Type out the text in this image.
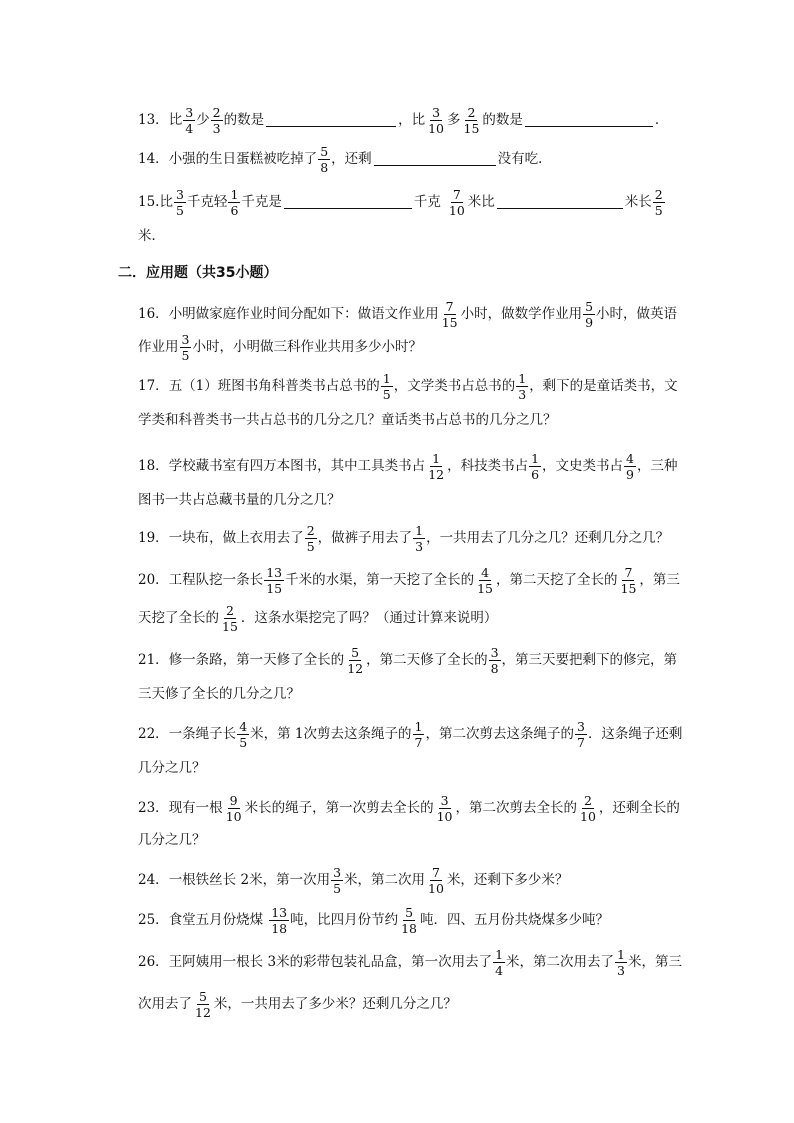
13．比 $\frac{3}{4}$ 少 $\frac{2}{3}$ 的数是	，比 $\frac{3}{10}$ 多 $\frac{2}{15}$ 的数是	．
14．小强的生日蛋糕被吃掉了 $\frac{5}{8}$ ，还剩	没有吃．
15.比 $\frac{3}{5}$ 千克轻 $\frac{1}{6}$ 千克是	千克 $\frac{7}{10}$ 米比	米长 $\frac{2}{5}$
米．
二．应用题（共35小题）
16．小明做家庭作业时间分配如下：做语文作业用 $\frac{7}{15}$ 小时，做数学作业用 $\frac{5}{9}$ 小时，做英语
作业用 $\frac{3}{5}$ 小时，小明做三科作业共用多少小时？
17．五（1）班图书角科普类书占总书的 $\frac{1}{5}$ ，文学类书占总书的 $\frac{1}{3}$ ，剩下的是童话类书，文
学类和科普类书一共占总书的几分之几？童话类书占总书的几分之几？
18．学校藏书室有四万本图书，其中工具类书占 $\frac{1}{12}$ ，科技类书占 $\frac{1}{6}$ ，文史类书占 $\frac{4}{9}$ ，三种
图书一共占总藏书量的几分之几？
19．一块布，做上衣用去了 $\frac{2}{5}$ ，做裤子用去了 $\frac{1}{3}$ ，一共用去了几分之几？还剩几分之几？
20．工程队挖一条长 $\frac{13}{15}$ 千米的水渠，第一天挖了全长的 $\frac{4}{15}$ ，第二天挖了全长的 $\frac{7}{15}$ ，第三
天挖了全长的 $\frac{2}{15}$ ．这条水渠挖完了吗？（通过计算来说明）
21．修一条路，第一天修了全长的 $\frac{5}{12}$ ，第二天修了全长的 $\frac{3}{8}$ ，第三天要把剩下的修完，第
三天修了全长的几分之几？
22．一条绳子长 $\frac{4}{5}$ 米，第 1次剪去这条绳子的 $\frac{1}{7}$ ，第二次剪去这条绳子的 $\frac{3}{7}$ ．这条绳子还剩
几分之几？
23．现有一根 $\frac{9}{10}$ 米长的绳子，第一次剪去全长的 $\frac{3}{10}$ ，第二次剪去全长的 $\frac{2}{10}$ ，还剩全长的
几分之几？
24．一根铁丝长 2米，第一次用 $\frac{3}{5}$ 米，第二次用 $\frac{7}{10}$ 米，还剩下多少米？
25．食堂五月份烧煤 $\frac{13}{18}$ 吨，比四月份节约 $\frac{5}{18}$ 吨．四、五月份共烧煤多少吨？
26．王阿姨用一根长 3米的彩带包装礼品盒，第一次用去了 $\frac{1}{4}$ 米，第二次用去了 $\frac{1}{3}$ 米，第三
次用去了 $\frac{5}{12}$ 米，一共用去了多少米？还剩几分之几？
